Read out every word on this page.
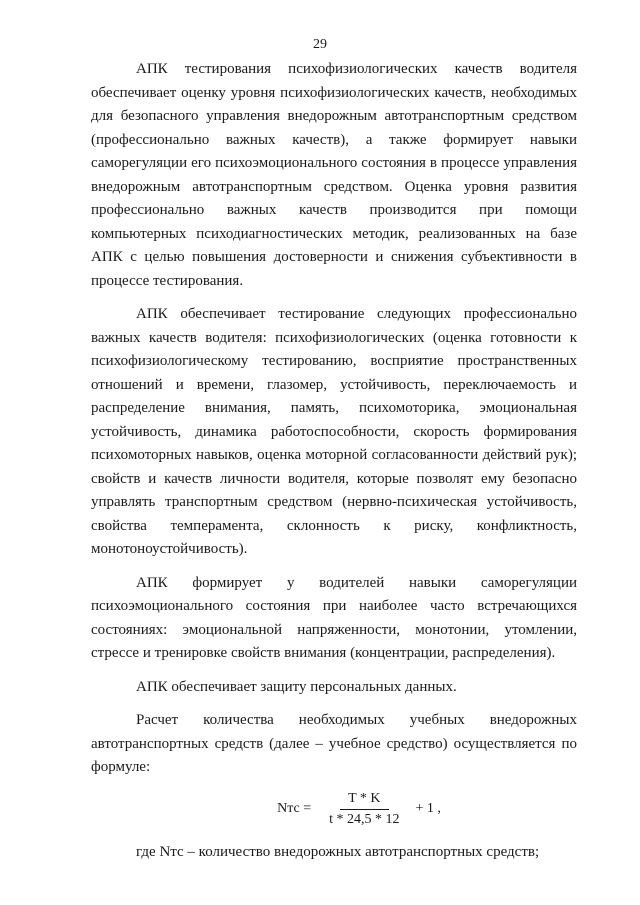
29

АПК тестирования психофизиологических качеств водителя обеспечивает оценку уровня психофизиологических качеств, необходимых для безопасного управления внедорожным автотранспортным средством (профессионально важных качеств), а также формирует навыки саморегуляции его психоэмоционального состояния в процессе управления внедорожным автотранспортным средством. Оценка уровня развития профессионально важных качеств производится при помощи компьютерных психодиагностических методик, реализованных на базе АПК с целью повышения достоверности и снижения субъективности в процессе тестирования.

АПК обеспечивает тестирование следующих профессионально важных качеств водителя: психофизиологических (оценка готовности к психофизиологическому тестированию, восприятие пространственных отношений и времени, глазомер, устойчивость, переключаемость и распределение внимания, память, психомоторика, эмоциональная устойчивость, динамика работоспособности, скорость формирования психомоторных навыков, оценка моторной согласованности действий рук); свойств и качеств личности водителя, которые позволят ему безопасно управлять транспортным средством (нервно-психическая устойчивость, свойства темперамента, склонность к риску, конфликтность, монотоноустойчивость).

АПК формирует у водителей навыки саморегуляции психоэмоционального состояния при наиболее часто встречающихся состояниях: эмоциональной напряженности, монотонии, утомлении, стрессе и тренировке свойств внимания (концентрации, распределения).

АПК обеспечивает защиту персональных данных.

Расчет количества необходимых учебных внедорожных автотранспортных средств (далее – учебное средство) осуществляется по формуле:

Nтс = $\frac{T * K}{t * 24,5 * 12} + 1$ ,

где Nтс – количество внедорожных автотранспортных средств;
